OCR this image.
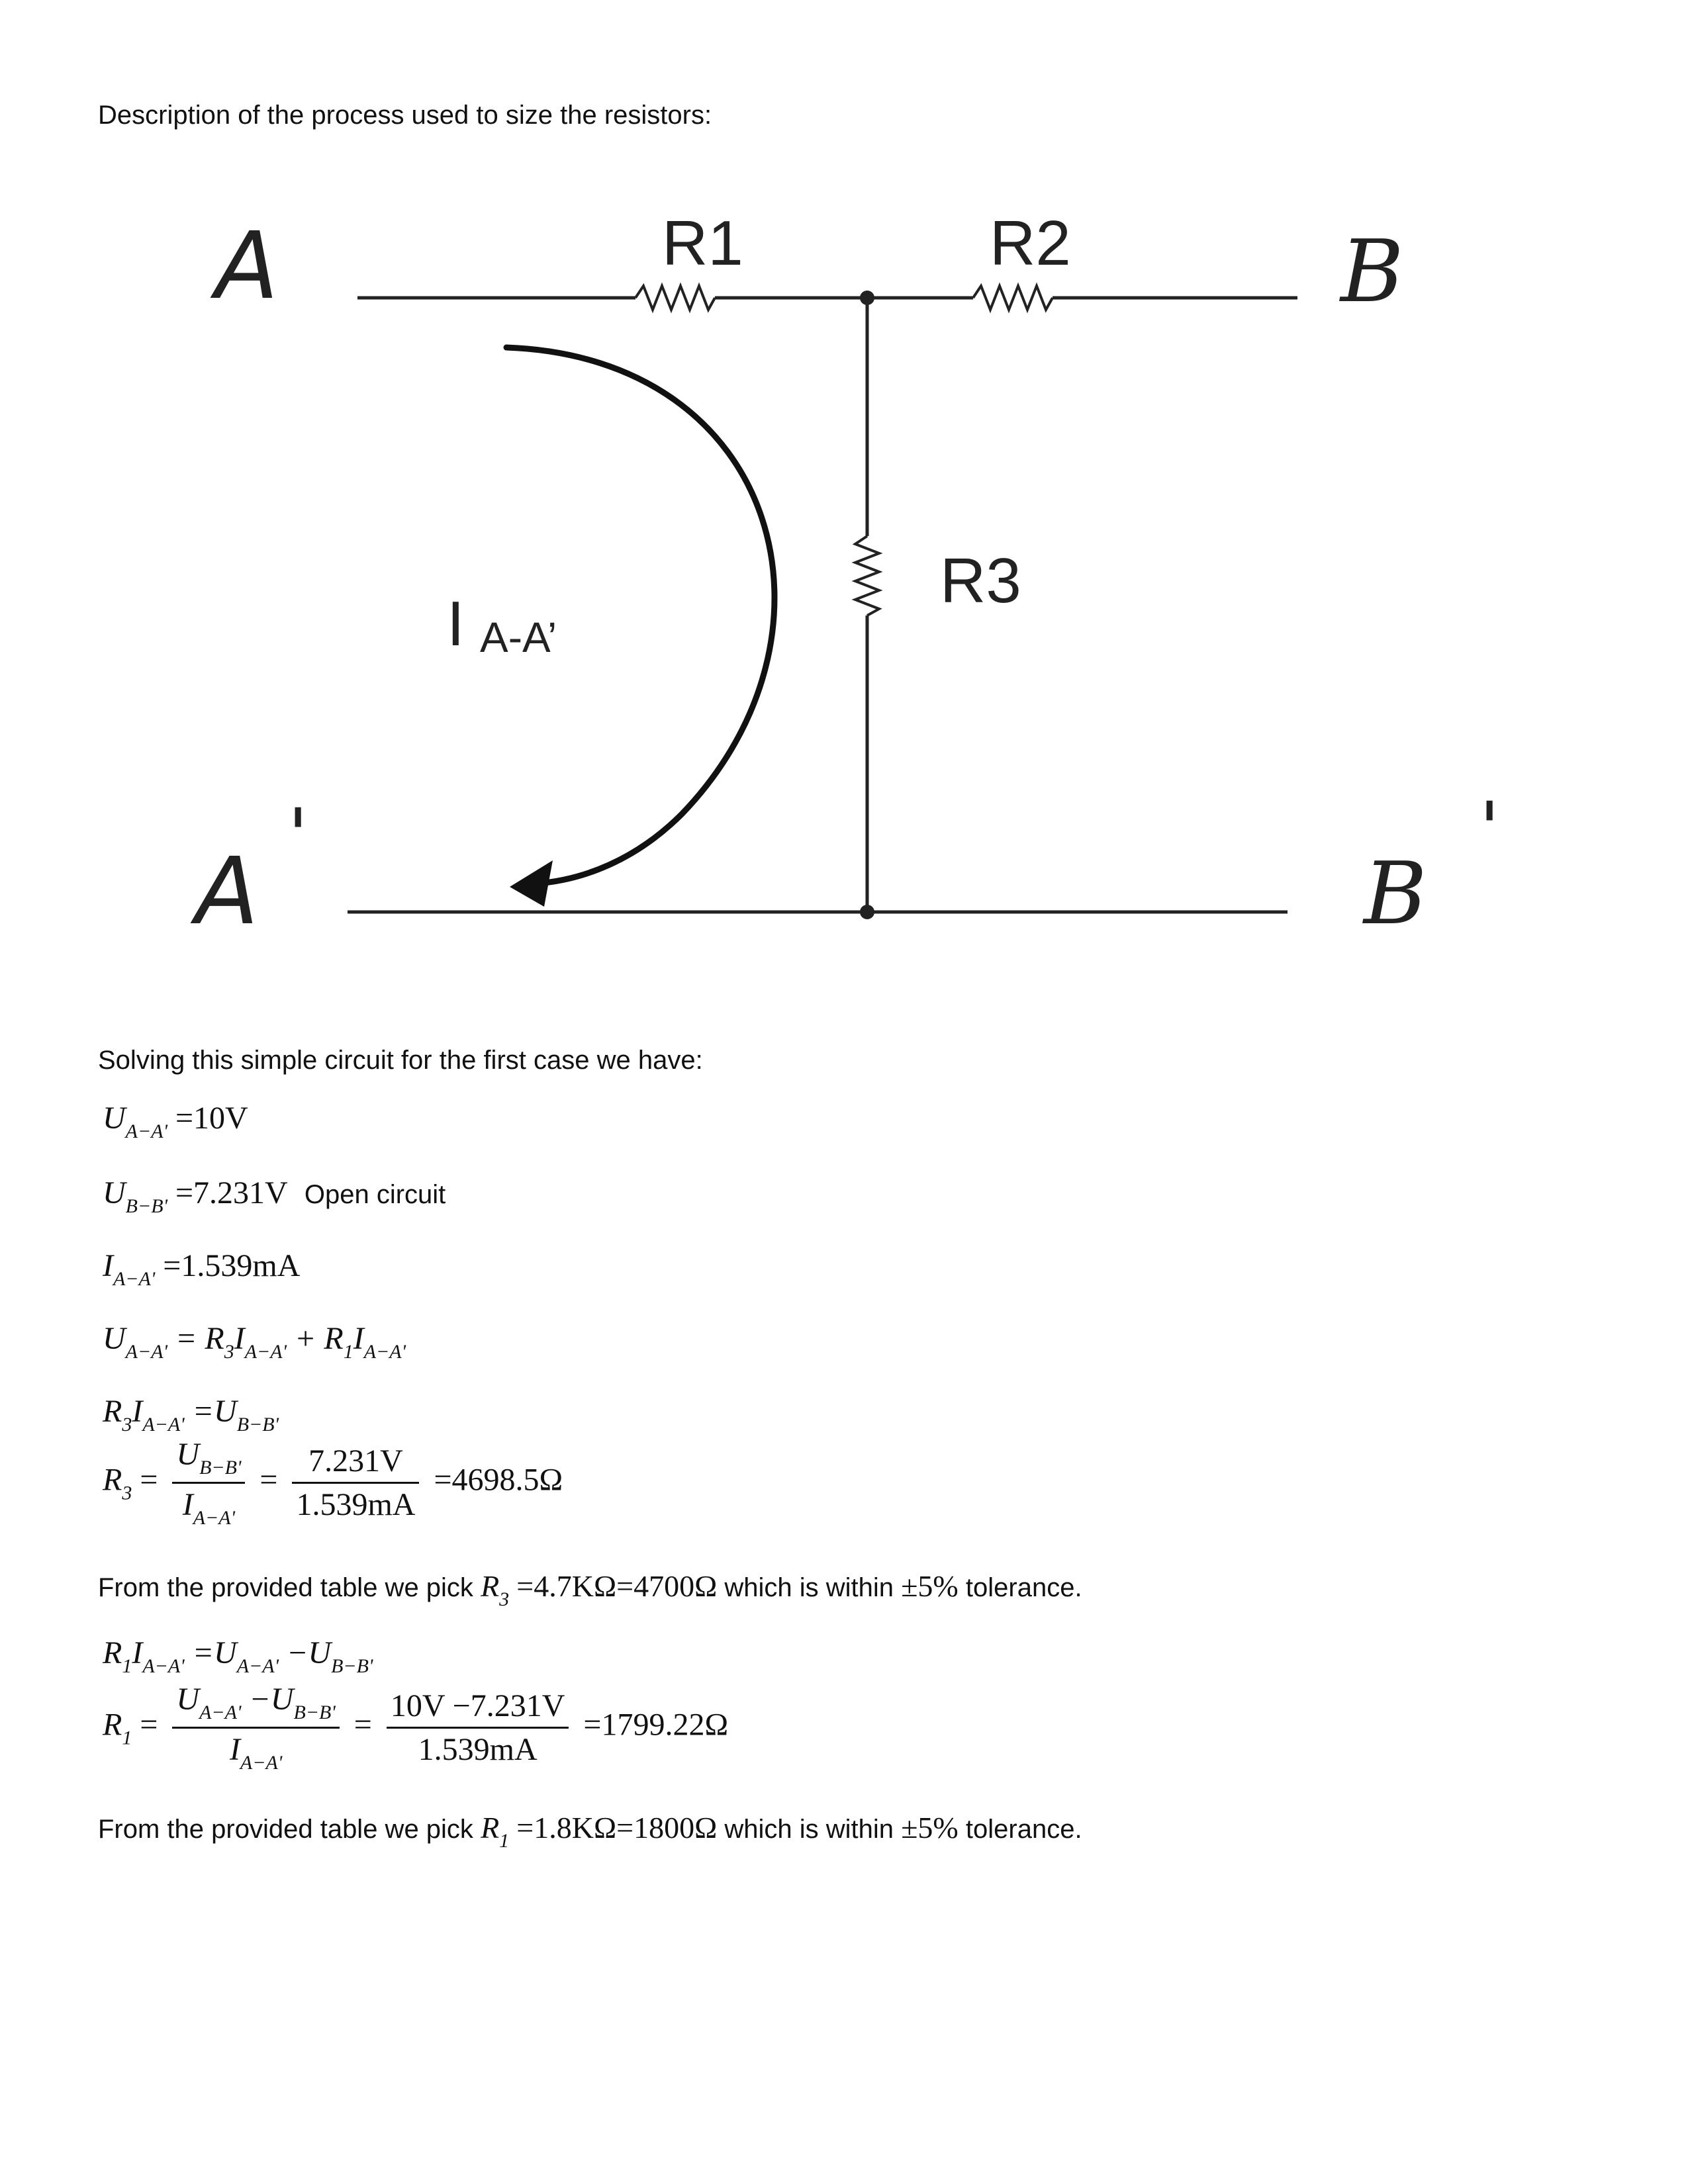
Description of the process used to size the resistors:
A
A
'
B
B
'
R1	R2
R3
I A-A’
Solving this simple circuit for the first case we have:
$U_{A-A'} =10V$
$U_{B-B'} =7.231V$ Open circuit
$I_{A-A'} =1.539mA$
$U_{A-A'} = R_3I_{A-A'} + R_1I_{A-A'}$
$R_3I_{A-A'} =U_{B-B'}$
$R_3 = \frac{U_{B-B'}}{I_{A-A'}} = \frac{7.231V}{1.539mA} =4698.5\Omega$
From the provided table we pick $R_3 =4.7K\Omega=4700\Omega$ which is within ±5% tolerance.
$R_1I_{A-A'} =U_{A-A'} -U_{B-B'}$
$R_1 = \frac{U_{A-A'} -U_{B-B'}}{I_{A-A'}} = \frac{10V -7.231V}{1.539mA} =1799.22\Omega$
From the provided table we pick $R_1 =1.8K\Omega=1800\Omega$ which is within ±5% tolerance.
